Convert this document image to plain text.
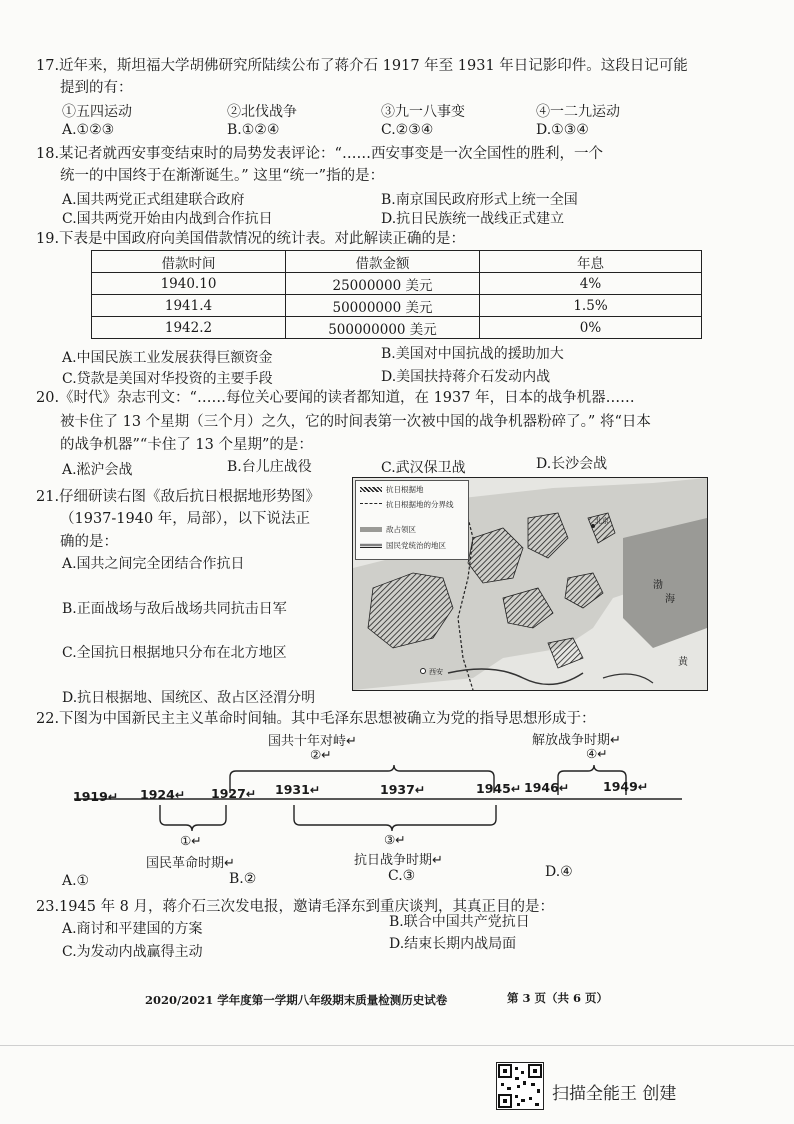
17.近年来，斯坦福大学胡佛研究所陆续公布了蒋介石 1917 年至 1931 年日记影印件。这段日记可能
提到的有：
①五四运动	②北伐战争	③九一八事变	④一二九运动
A.①②③	B.①②④	C.②③④	D.①③④
18.某记者就西安事变结束时的局势发表评论：“……西安事变是一次全国性的胜利，一个
统一的中国终于在渐渐诞生。” 这里“统一”指的是：
A.国共两党正式组建联合政府	B.南京国民政府形式上统一全国
C.国共两党开始由内战到合作抗日	D.抗日民族统一战线正式建立
19.下表是中国政府向美国借款情况的统计表。对此解读正确的是：
借款时间	借款金额	年息
1940.10	25000000 美元	4%
1941.4	50000000 美元	1.5%
1942.2	500000000 美元	0%
A.中国民族工业发展获得巨额资金	B.美国对中国抗战的援助加大
C.贷款是美国对华投资的主要手段	D.美国扶持蒋介石发动内战
20.《时代》杂志刊文：“……每位关心要闻的读者都知道，在 1937 年，日本的战争机器……
被卡住了 13 个星期（三个月）之久，它的时间表第一次被中国的战争机器粉碎了。” 将“日本
的战争机器”“卡住了 13 个星期”的是：
A.淞沪会战	B.台儿庄战役	C.武汉保卫战	D.长沙会战
21.仔细研读右图《敌后抗日根据地形势图》
（1937-1940 年，局部），以下说法正
确的是：
A.国共之间完全团结合作抗日
B.正面战场与敌后战场共同抗击日军
C.全国抗日根据地只分布在北方地区
D.抗日根据地、国统区、敌占区泾渭分明
抗日根据地
抗日根据地的分界线
敌占领区
国民党统治的地区
北京
西安
渤
海
黄
22.下图为中国新民主主义革命时间轴。其中毛泽东思想被确立为党的指导思想形成于：
1919↵ 1924↵ 1927↵ 1931↵	1937↵	1945↵ 1946↵	1949↵
国共十年对峙↵
②↵
解放战争时期↵
④↵
①↵
国民革命时期↵
③↵
抗日战争时期↵
A.①	B.②	C.③	D.④
23.1945 年 8 月，蒋介石三次发电报，邀请毛泽东到重庆谈判，其真正目的是：
A.商讨和平建国的方案	B.联合中国共产党抗日
C.为发动内战赢得主动	D.结束长期内战局面
2020/2021 学年度第一学期八年级期末质量检测历史试卷	第 3 页（共 6 页）
扫描全能王 创建
